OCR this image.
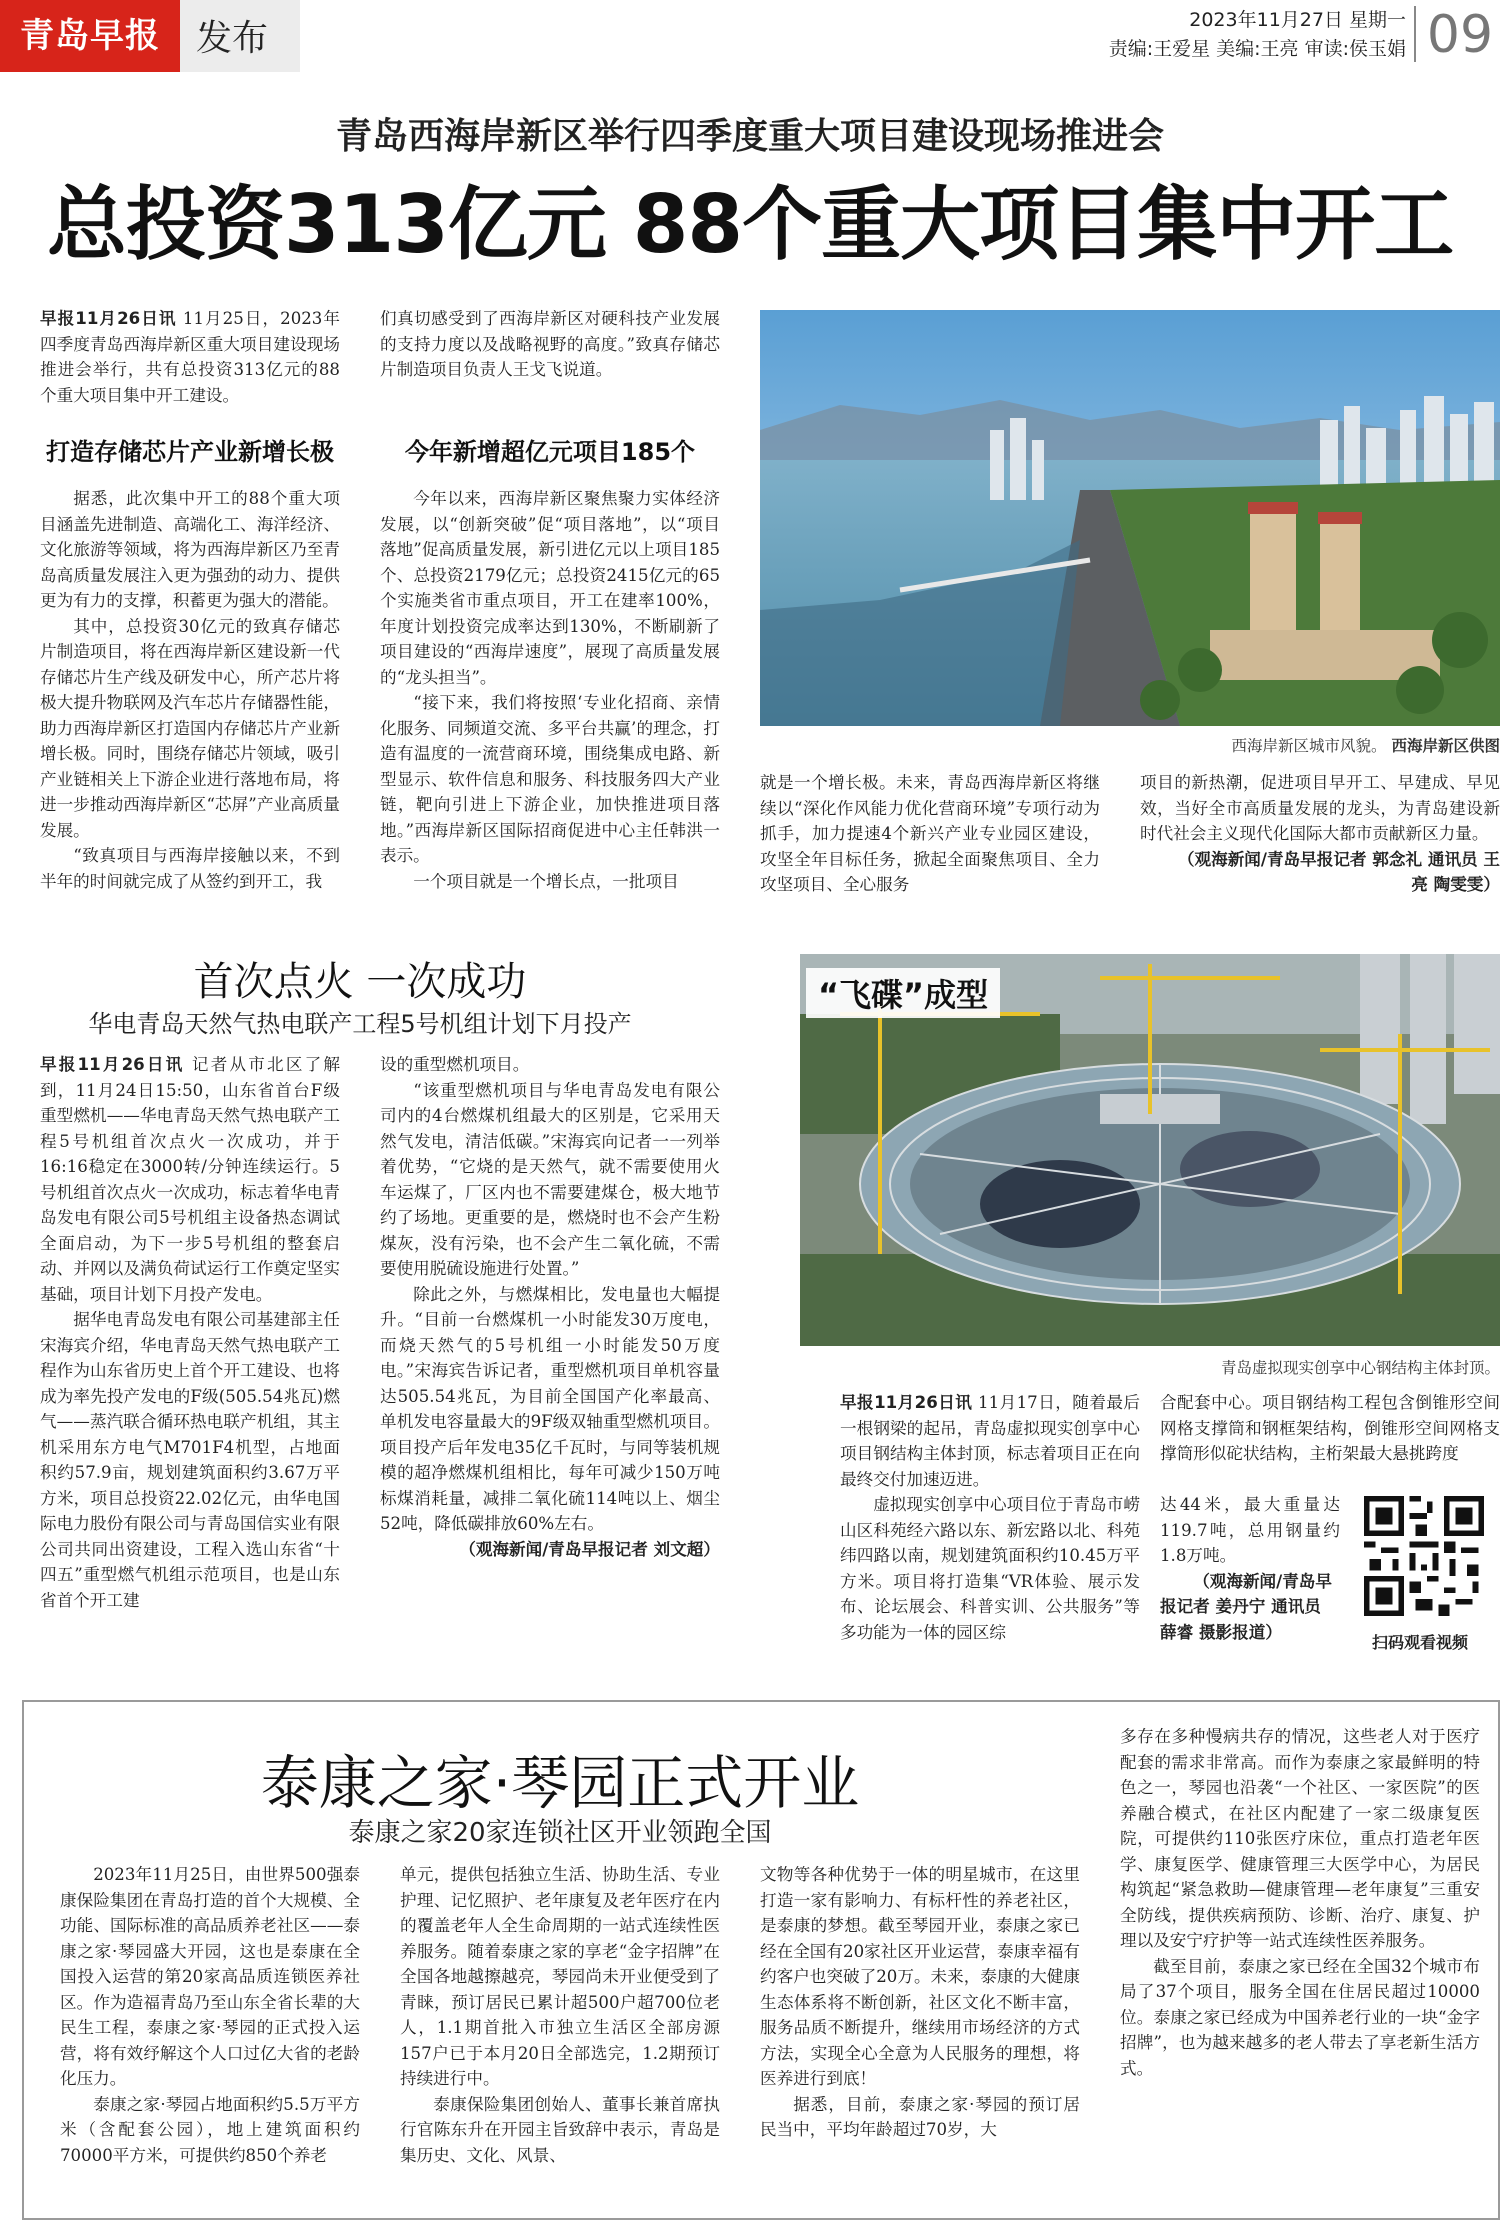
青岛早报	发布	2023年11月27日 星期一
责编:王爱星 美编:王亮 审读:侯玉娟 09
青岛西海岸新区举行四季度重大项目建设现场推进会
总投资313亿元 88个重大项目集中开工

早报11月26日讯 11月25日，2023年四季度青岛西海岸新区重大项目建设现场推进会举行，共有总投资313亿元的88个重大项目集中开工建设。

打造存储芯片产业新增长极

据悉，此次集中开工的88个重大项目涵盖先进制造、高端化工、海洋经济、文化旅游等领域，将为西海岸新区乃至青岛高质量发展注入更为强劲的动力、提供更为有力的支撑，积蓄更为强大的潜能。

其中，总投资30亿元的致真存储芯片制造项目，将在西海岸新区建设新一代存储芯片生产线及研发中心，所产芯片将极大提升物联网及汽车芯片存储器性能，助力西海岸新区打造国内存储芯片产业新增长极。同时，围绕存储芯片领域，吸引产业链相关上下游企业进行落地布局，将进一步推动西海岸新区“芯屏”产业高质量发展。

“致真项目与西海岸接触以来，不到半年的时间就完成了从签约到开工，我

们真切感受到了西海岸新区对硬科技产业发展的支持力度以及战略视野的高度。”致真存储芯片制造项目负责人王戈飞说道。

今年新增超亿元项目185个

今年以来，西海岸新区聚焦聚力实体经济发展，以“创新突破”促“项目落地”，以“项目落地”促高质量发展，新引进亿元以上项目185个、总投资2179亿元；总投资2415亿元的65个实施类省市重点项目，开工在建率100%，年度计划投资完成率达到130%，不断刷新了项目建设的“西海岸速度”，展现了高质量发展的“龙头担当”。

“接下来，我们将按照‘专业化招商、亲情化服务、同频道交流、多平台共赢’的理念，打造有温度的一流营商环境，围绕集成电路、新型显示、软件信息和服务、科技服务四大产业链，靶向引进上下游企业，加快推进项目落地。”西海岸新区国际招商促进中心主任韩洪一表示。

一个项目就是一个增长点，一批项目

西海岸新区城市风貌。 西海岸新区供图

就是一个增长极。未来，青岛西海岸新区将继续以“深化作风能力优化营商环境”专项行动为抓手，加力提速4个新兴产业专业园区建设，攻坚全年目标任务，掀起全面聚焦项目、全力攻坚项目、全心服务

项目的新热潮，促进项目早开工、早建成、早见效，当好全市高质量发展的龙头，为青岛建设新时代社会主义现代化国际大都市贡献新区力量。

（观海新闻/青岛早报记者 郭念礼 通讯员 王亮 陶雯雯）

首次点火 一次成功
华电青岛天然气热电联产工程5号机组计划下月投产

早报11月26日讯 记者从市北区了解到，11月24日15:50，山东省首台F级重型燃机——华电青岛天然气热电联产工程5号机组首次点火一次成功，并于16:16稳定在3000转/分钟连续运行。5号机组首次点火一次成功，标志着华电青岛发电有限公司5号机组主设备热态调试全面启动，为下一步5号机组的整套启动、并网以及满负荷试运行工作奠定坚实基础，项目计划下月投产发电。

据华电青岛发电有限公司基建部主任宋海宾介绍，华电青岛天然气热电联产工程作为山东省历史上首个开工建设、也将成为率先投产发电的F级(505.54兆瓦)燃气——蒸汽联合循环热电联产机组，其主机采用东方电气M701F4机型，占地面积约57.9亩，规划建筑面积约3.67万平方米，项目总投资22.02亿元，由华电国际电力股份有限公司与青岛国信实业有限公司共同出资建设，工程入选山东省“十四五”重型燃气机组示范项目，也是山东省首个开工建

设的重型燃机项目。

“该重型燃机项目与华电青岛发电有限公司内的4台燃煤机组最大的区别是，它采用天然气发电，清洁低碳。”宋海宾向记者一一列举着优势，“它烧的是天然气，就不需要使用火车运煤了，厂区内也不需要建煤仓，极大地节约了场地。更重要的是，燃烧时也不会产生粉煤灰，没有污染，也不会产生二氧化硫，不需要使用脱硫设施进行处置。”

除此之外，与燃煤相比，发电量也大幅提升。“目前一台燃煤机一小时能发30万度电，而烧天然气的5号机组一小时能发50万度电。”宋海宾告诉记者，重型燃机项目单机容量达505.54兆瓦，为目前全国国产化率最高、单机发电容量最大的9F级双轴重型燃机项目。项目投产后年发电35亿千瓦时，与同等装机规模的超净燃煤机组相比，每年可减少150万吨标煤消耗量，减排二氧化硫114吨以上、烟尘52吨，降低碳排放60%左右。

（观海新闻/青岛早报记者 刘文超）

“飞碟”成型
青岛虚拟现实创享中心钢结构主体封顶。

早报11月26日讯 11月17日，随着最后一根钢梁的起吊，青岛虚拟现实创享中心项目钢结构主体封顶，标志着项目正在向最终交付加速迈进。

虚拟现实创享中心项目位于青岛市崂山区科苑经六路以东、新宏路以北、科苑纬四路以南，规划建筑面积约10.45万平方米。项目将打造集“VR体验、展示发布、论坛展会、科普实训、公共服务”等多功能为一体的园区综

合配套中心。项目钢结构工程包含倒锥形空间网格支撑筒和钢框架结构，倒锥形空间网格支撑筒形似砣状结构，主桁架最大悬挑跨度

达44米，最大重量达119.7吨，总用钢量约1.8万吨。

（观海新闻/青岛早报记者 姜丹宁 通讯员 薛睿 摄影报道）

扫码观看视频
泰康之家·琴园正式开业
泰康之家20家连锁社区开业领跑全国

2023年11月25日，由世界500强泰康保险集团在青岛打造的首个大规模、全功能、国际标准的高品质养老社区——泰康之家·琴园盛大开园，这也是泰康在全国投入运营的第20家高品质连锁医养社区。作为造福青岛乃至山东全省长辈的大民生工程，泰康之家·琴园的正式投入运营，将有效纾解这个人口过亿大省的老龄化压力。

泰康之家·琴园占地面积约5.5万平方米（含配套公园），地上建筑面积约70000平方米，可提供约850个养老

单元，提供包括独立生活、协助生活、专业护理、记忆照护、老年康复及老年医疗在内的覆盖老年人全生命周期的一站式连续性医养服务。随着泰康之家的享老“金字招牌”在全国各地越擦越亮，琴园尚未开业便受到了青睐，预订居民已累计超500户超700位老人，1.1期首批入市独立生活区全部房源157户已于本月20日全部选完，1.2期预订持续进行中。

泰康保险集团创始人、董事长兼首席执行官陈东升在开园主旨致辞中表示，青岛是集历史、文化、风景、

文物等各种优势于一体的明星城市，在这里打造一家有影响力、有标杆性的养老社区，是泰康的梦想。截至琴园开业，泰康之家已经在全国有20家社区开业运营，泰康幸福有约客户也突破了20万。未来，泰康的大健康生态体系将不断创新，社区文化不断丰富，服务品质不断提升，继续用市场经济的方式方法，实现全心全意为人民服务的理想，将医养进行到底！

据悉，目前，泰康之家·琴园的预订居民当中，平均年龄超过70岁，大

多存在多种慢病共存的情况，这些老人对于医疗配套的需求非常高。而作为泰康之家最鲜明的特色之一，琴园也沿袭“一个社区、一家医院”的医养融合模式，在社区内配建了一家二级康复医院，可提供约110张医疗床位，重点打造老年医学、康复医学、健康管理三大医学中心，为居民构筑起“紧急救助—健康管理—老年康复”三重安全防线，提供疾病预防、诊断、治疗、康复、护理以及安宁疗护等一站式连续性医养服务。

截至目前，泰康之家已经在全国32个城市布局了37个项目，服务全国在住居民超过10000位。泰康之家已经成为中国养老行业的一块“金字招牌”，也为越来越多的老人带去了享老新生活方式。
